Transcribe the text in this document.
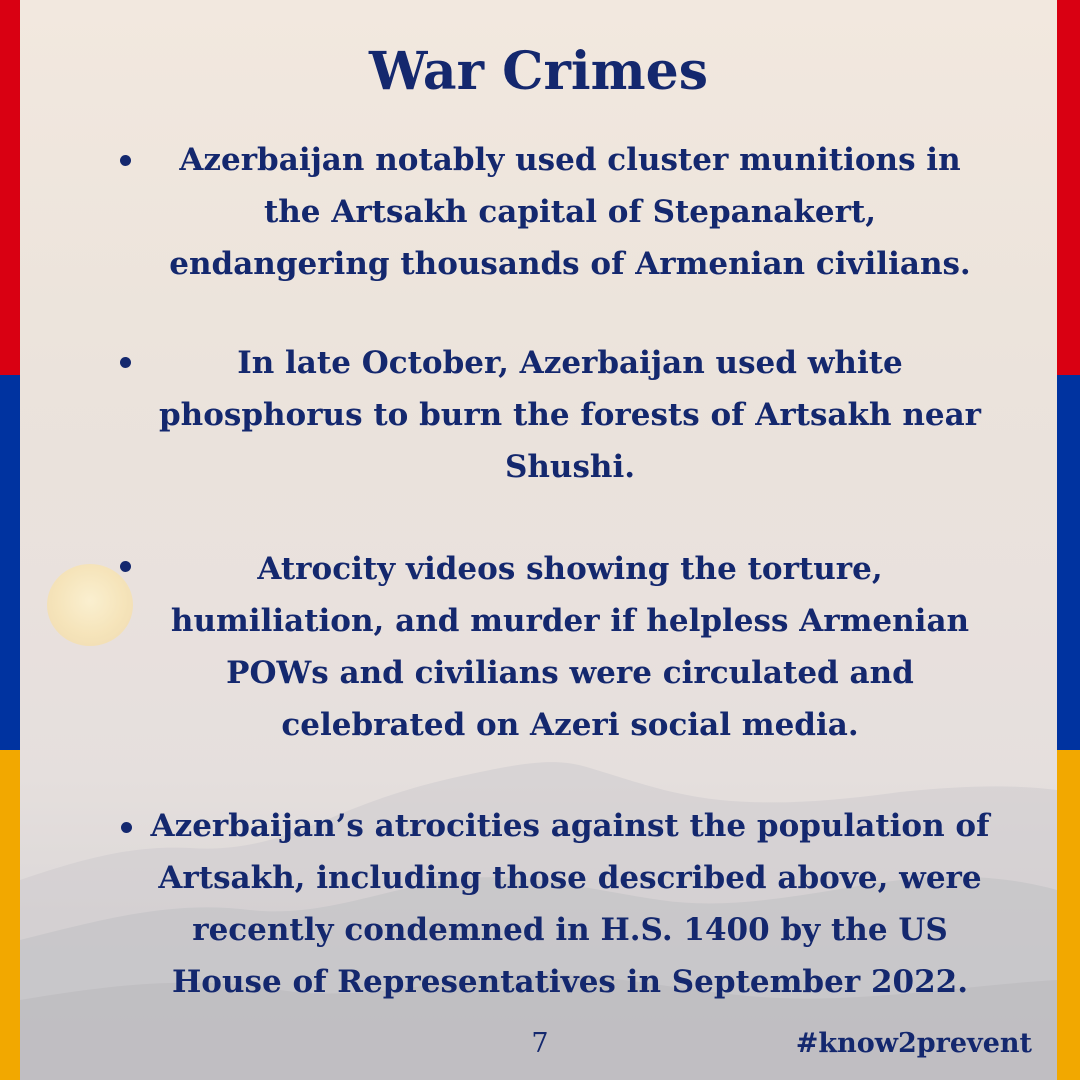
War Crimes
Azerbaijan notably used cluster munitions in
the Artsakh capital of Stepanakert,
endangering thousands of Armenian civilians.
In late October, Azerbaijan used white
phosphorus to burn the forests of Artsakh near
Shushi.
Atrocity videos showing the torture,
humiliation, and murder if helpless Armenian
POWs and civilians were circulated and
celebrated on Azeri social media.
Azerbaijan’s atrocities against the population of
Artsakh, including those described above, were
recently condemned in H.S. 1400 by the US
House of Representatives in September 2022.
7	#know2prevent
